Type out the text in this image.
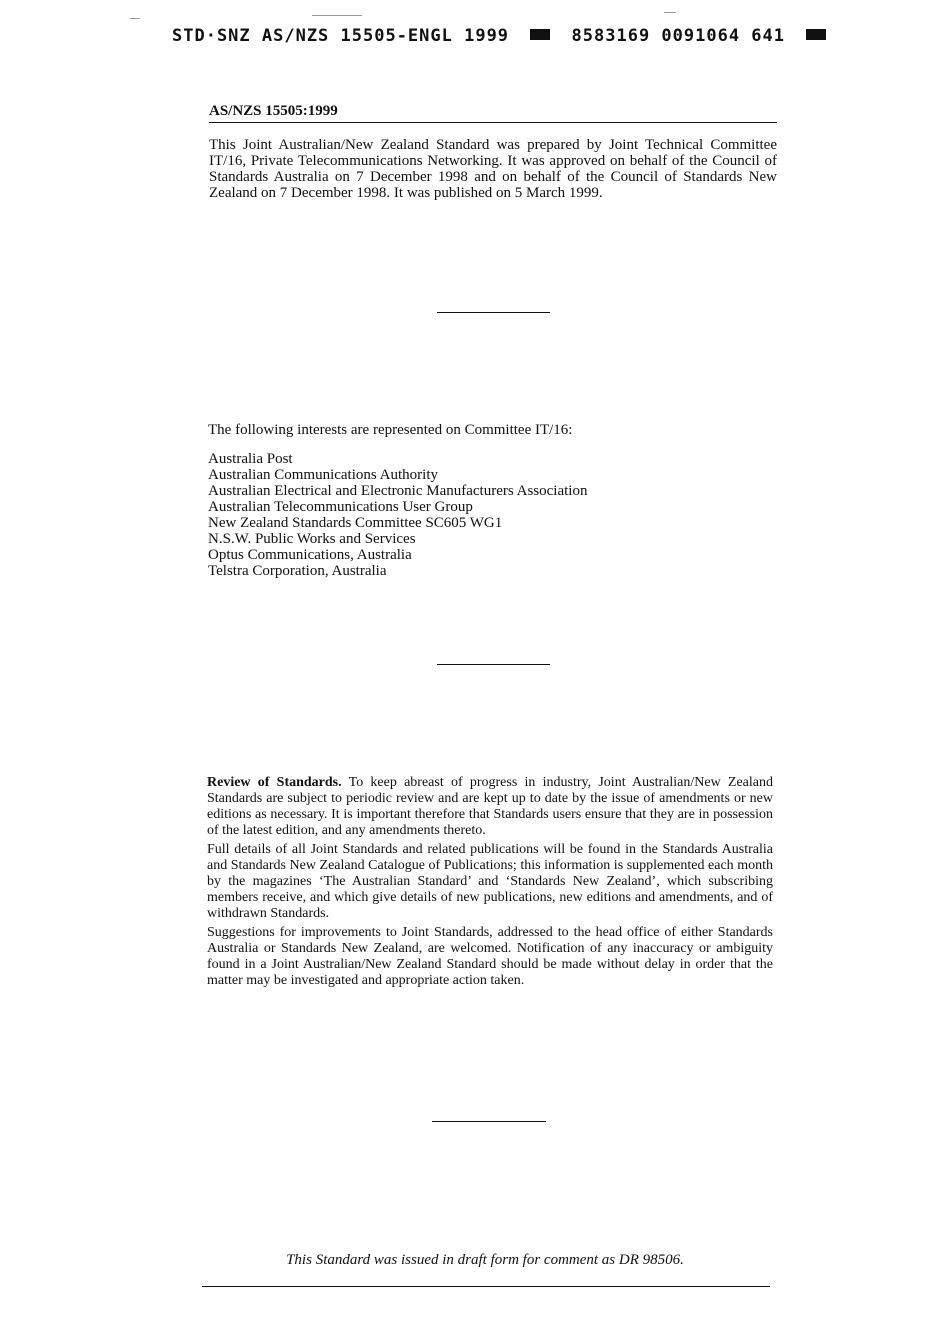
STD·SNZ AS/NZS 15505-ENGL 1999	8583169 0091064 641
AS/NZS 15505:1999

This Joint Australian/New Zealand Standard was prepared by Joint Technical Committee IT/16, Private Telecommunications Networking. It was approved on behalf of the Council of Standards Australia on 7 December 1998 and on behalf of the Council of Standards New Zealand on 7 December 1998. It was published on 5 March 1999.

The following interests are represented on Committee IT/16:

Australia Post
Australian Communications Authority
Australian Electrical and Electronic Manufacturers Association
Australian Telecommunications User Group
New Zealand Standards Committee SC605 WG1
N.S.W. Public Works and Services
Optus Communications, Australia
Telstra Corporation, Australia

Review of Standards. To keep abreast of progress in industry, Joint Australian/New Zealand Standards are subject to periodic review and are kept up to date by the issue of amendments or new editions as necessary. It is important therefore that Standards users ensure that they are in possession of the latest edition, and any amendments thereto.

Full details of all Joint Standards and related publications will be found in the Standards Australia and Standards New Zealand Catalogue of Publications; this information is supplemented each month by the magazines ‘The Australian Standard’ and ‘Standards New Zealand’, which subscribing members receive, and which give details of new publications, new editions and amendments, and of withdrawn Standards.

Suggestions for improvements to Joint Standards, addressed to the head office of either Standards Australia or Standards New Zealand, are welcomed. Notification of any inaccuracy or ambiguity found in a Joint Australian/New Zealand Standard should be made without delay in order that the matter may be investigated and appropriate action taken.

This Standard was issued in draft form for comment as DR 98506.
